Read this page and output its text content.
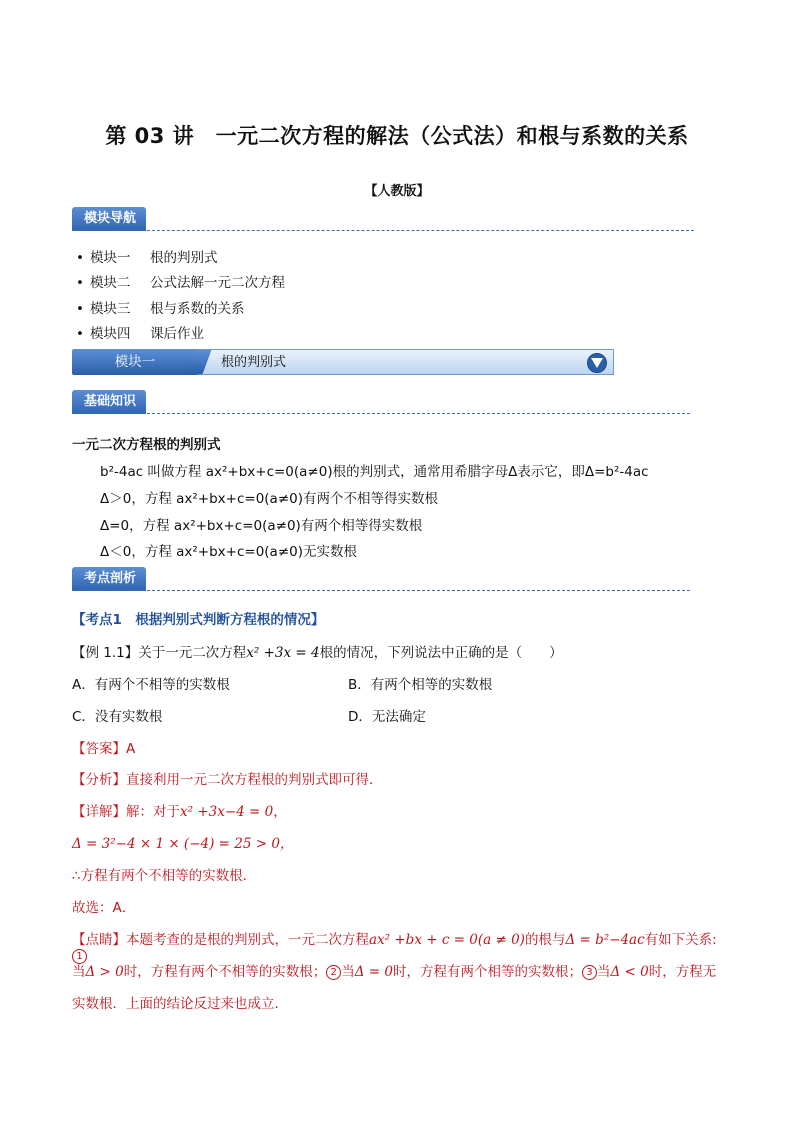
第 03 讲　一元二次方程的解法（公式法）和根与系数的关系
【人教版】
模块导航
• 模块一 根的判别式
• 模块二 公式法解一元二次方程
• 模块三 根与系数的关系
• 模块四 课后作业
模块一	根的判别式
基础知识
一元二次方程根的判别式
b²-4ac 叫做方程 ax²+bx+c=0(a≠0)根的判别式，通常用希腊字母Δ表示它，即Δ=b²-4ac
Δ＞0，方程 ax²+bx+c=0(a≠0)有两个不相等得实数根
Δ=0，方程 ax²+bx+c=0(a≠0)有两个相等得实数根
Δ＜0，方程 ax²+bx+c=0(a≠0)无实数根
考点剖析
【考点1　根据判别式判断方程根的情况】
【例 1.1】关于一元二次方程x² +3x = 4根的情况，下列说法中正确的是（　　）
A．有两个不相等的实数根	B．有两个相等的实数根
C．没有实数根	D．无法确定
【答案】A
【分析】直接利用一元二次方程根的判别式即可得．
【详解】解：对于x² +3x−4 = 0，
Δ = 3²−4 × 1 × (−4) = 25 > 0，
∴方程有两个不相等的实数根．
故选：A．
【点睛】本题考查的是根的判别式，一元二次方程ax² +bx + c = 0(a ≠ 0)的根与Δ = b²−4ac有如下关系: 1
当Δ > 0时，方程有两个不相等的实数根； 2 当Δ = 0时，方程有两个相等的实数根； 3 当Δ < 0时，方程无
实数根．上面的结论反过来也成立．
